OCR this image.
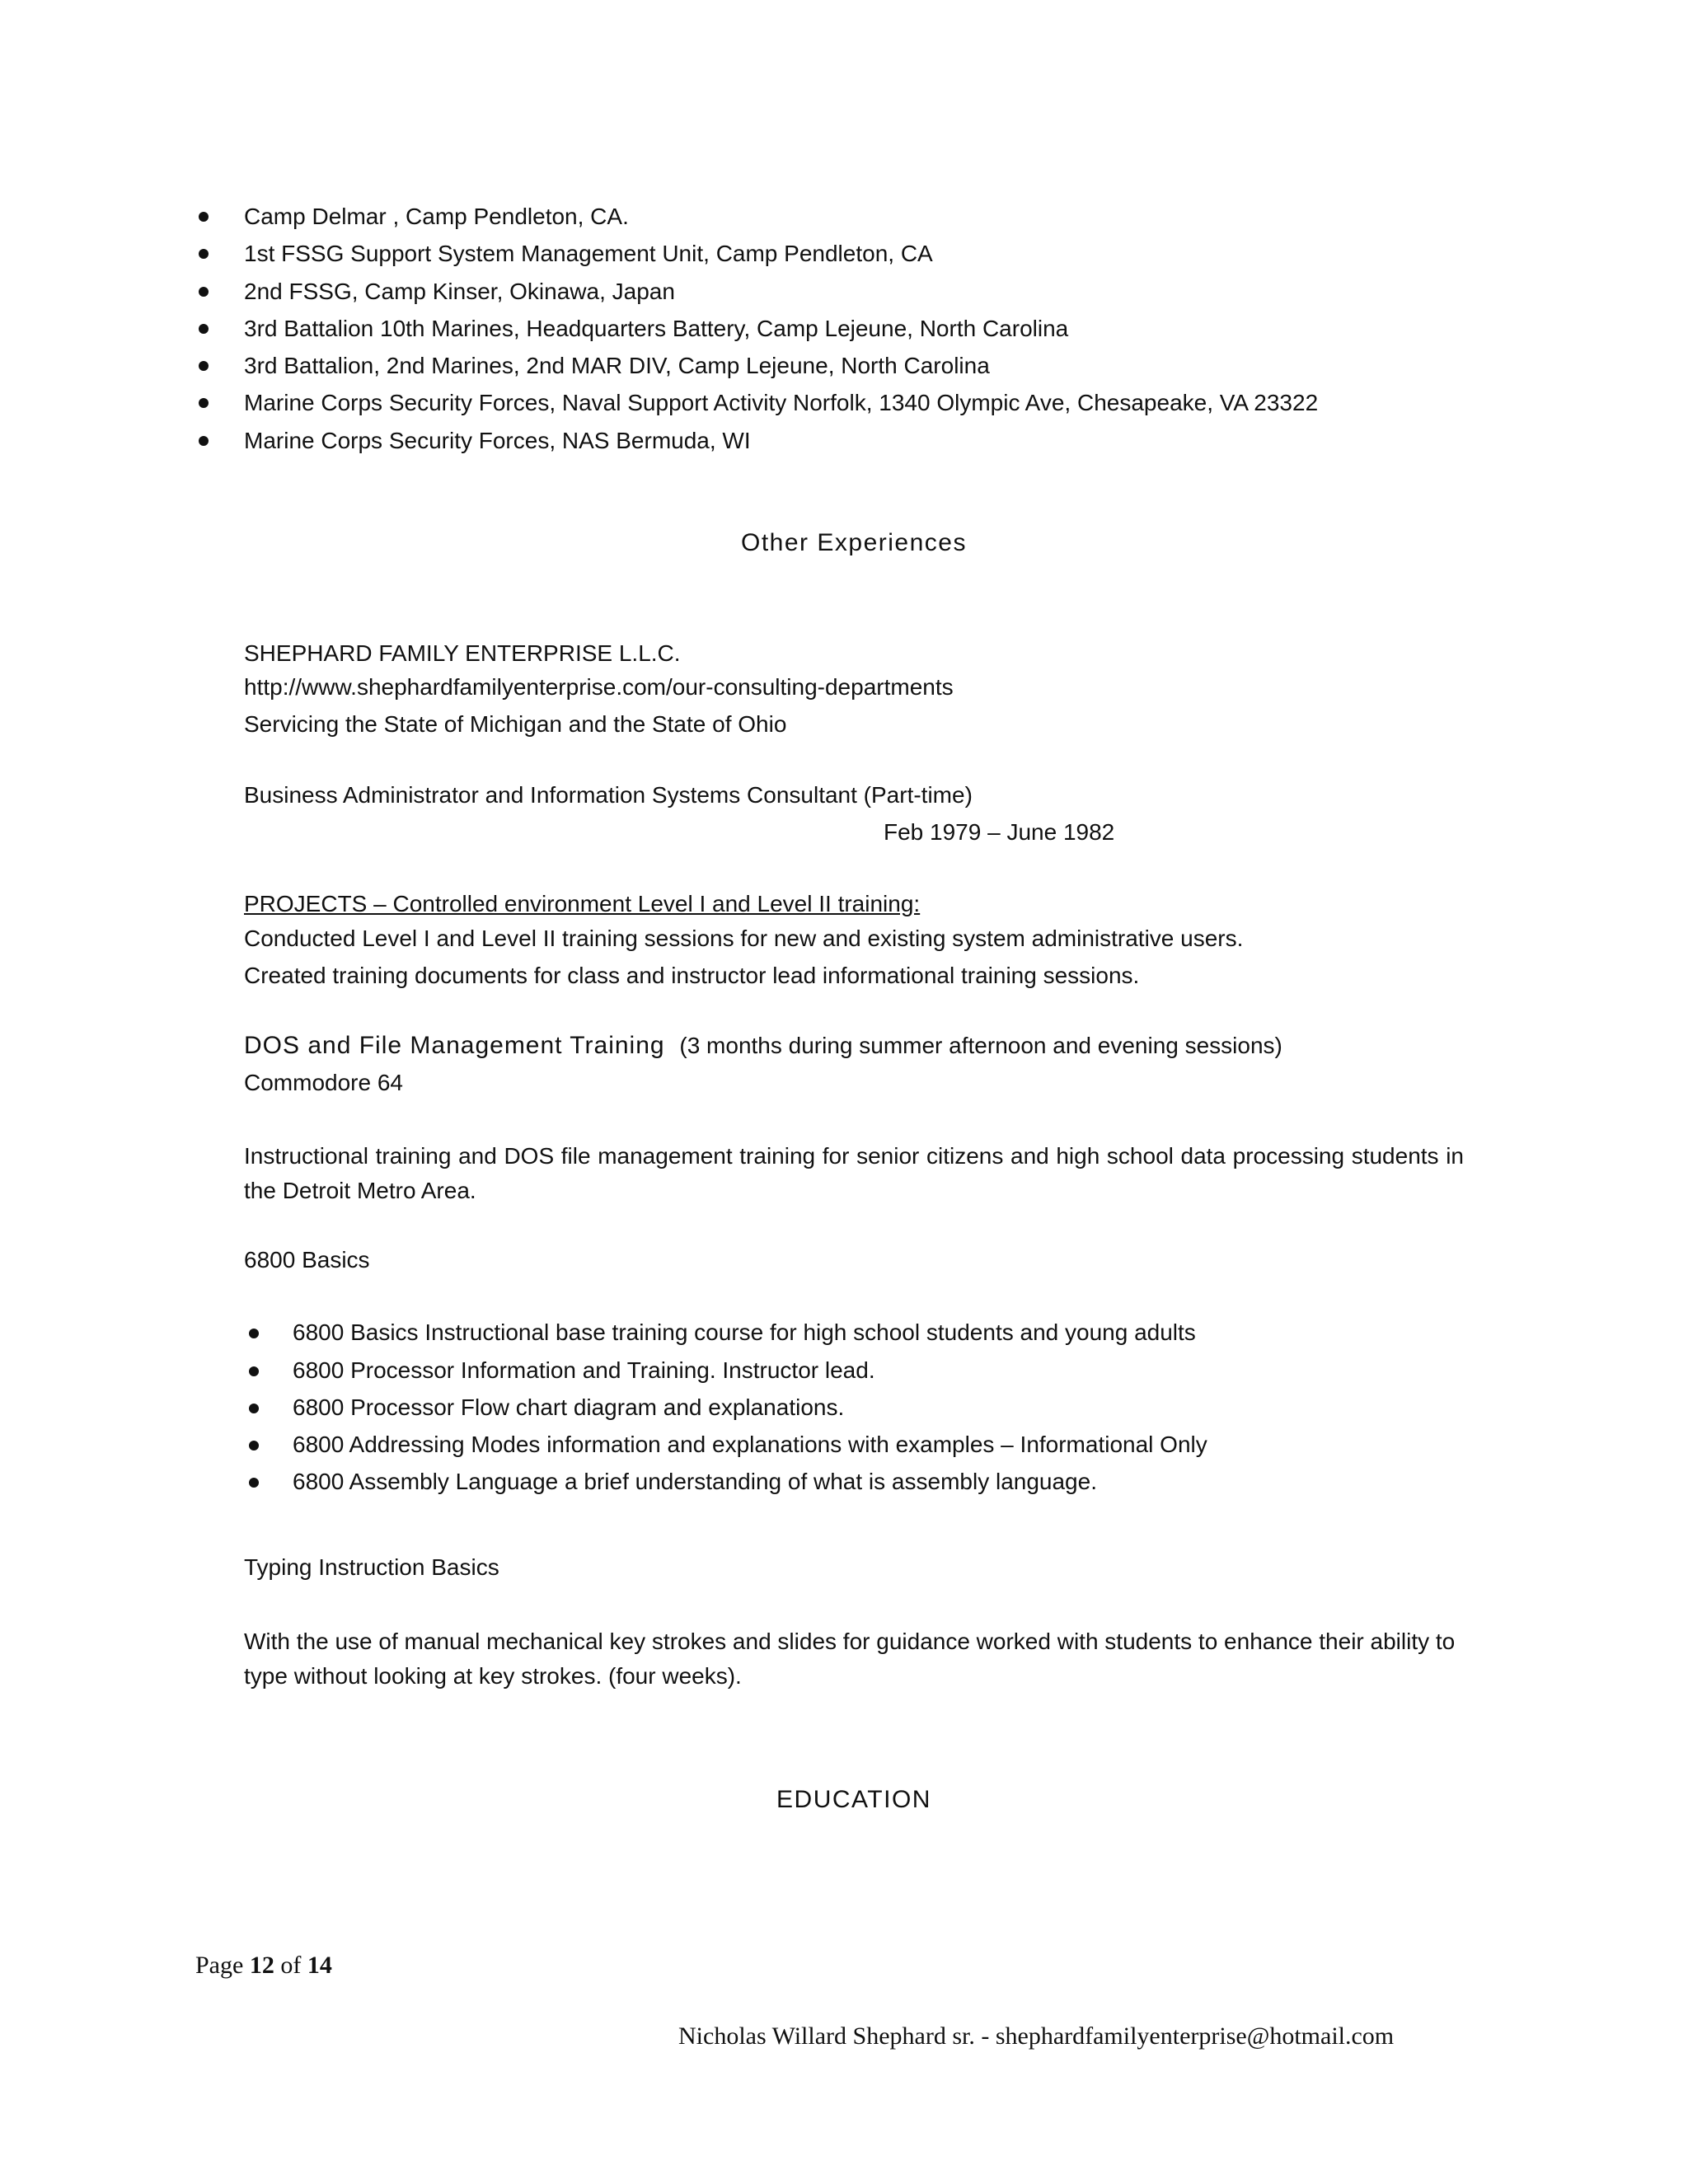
Camp Delmar , Camp Pendleton, CA.
1st FSSG Support System Management Unit, Camp Pendleton, CA
2nd FSSG, Camp Kinser, Okinawa, Japan
3rd Battalion 10th Marines, Headquarters Battery, Camp Lejeune, North Carolina
3rd Battalion, 2nd Marines, 2nd MAR DIV, Camp Lejeune, North Carolina
Marine Corps Security Forces, Naval Support Activity Norfolk, 1340 Olympic Ave, Chesapeake, VA 23322
Marine Corps Security Forces, NAS Bermuda, WI
Other Experiences
SHEPHARD FAMILY ENTERPRISE L.L.C.
http://www.shephardfamilyenterprise.com/our-consulting-departments
Servicing the State of Michigan and the State of Ohio
Business Administrator and Information Systems Consultant (Part-time)
Feb 1979 – June 1982
PROJECTS – Controlled environment Level I and Level II training:
Conducted Level I and Level II training sessions for new and existing system administrative users.
Created training documents for class and instructor lead informational training sessions.
DOS and File Management Training (3 months during summer afternoon and evening sessions)
Commodore 64
Instructional training and DOS file management training for senior citizens and high school data processing students in the Detroit Metro Area.
6800 Basics
6800 Basics Instructional base training course for high school students and young adults
6800 Processor Information and Training. Instructor lead.
6800 Processor Flow chart diagram and explanations.
6800 Addressing Modes information and explanations with examples – Informational Only
6800 Assembly Language a brief understanding of what is assembly language.
Typing Instruction Basics
With the use of manual mechanical key strokes and slides for guidance worked with students to enhance their ability to type without looking at key strokes. (four weeks).
EDUCATION
Page 12 of 14
Nicholas Willard Shephard sr. - shephardfamilyenterprise@hotmail.com
